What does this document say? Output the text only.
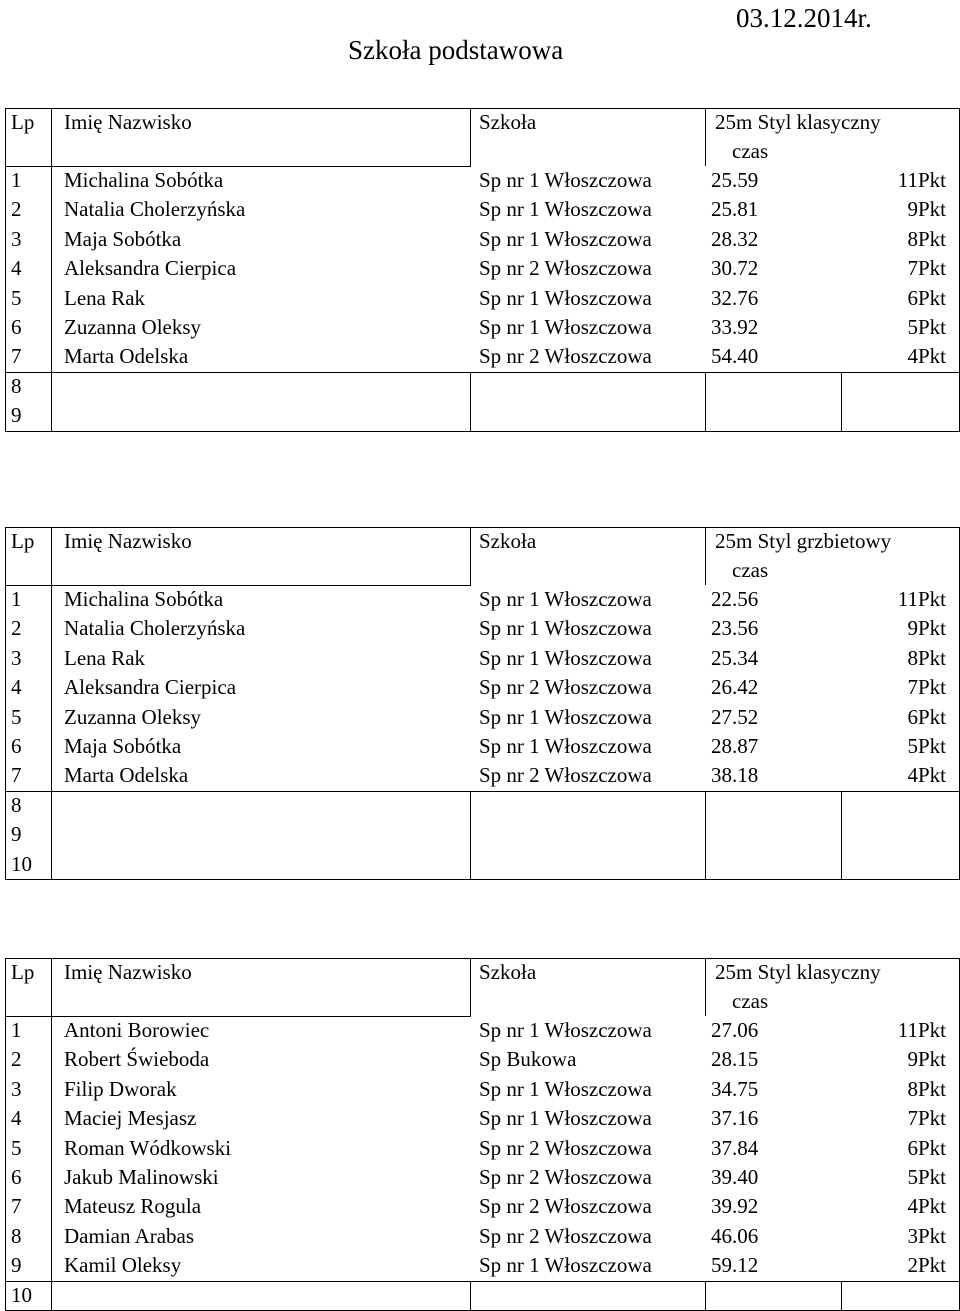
03.12.2014r.
Szkoła podstawowa
Lp Imię Nazwisko	Szkoła	25m Styl klasyczny
czas
1 Michalina Sobótka	Sp nr 1 Włoszczowa	25.59	11Pkt
2 Natalia Cholerzyńska	Sp nr 1 Włoszczowa	25.81	9Pkt
3 Maja Sobótka	Sp nr 1 Włoszczowa	28.32	8Pkt
4 Aleksandra Cierpica	Sp nr 2 Włoszczowa	30.72	7Pkt
5 Lena Rak	Sp nr 1 Włoszczowa	32.76	6Pkt
6 Zuzanna Oleksy	Sp nr 1 Włoszczowa	33.92	5Pkt
7 Marta Odelska	Sp nr 2 Włoszczowa	54.40	4Pkt
8
9
Lp Imię Nazwisko	Szkoła	25m Styl grzbietowy
czas
1 Michalina Sobótka	Sp nr 1 Włoszczowa	22.56	11Pkt
2 Natalia Cholerzyńska	Sp nr 1 Włoszczowa	23.56	9Pkt
3 Lena Rak	Sp nr 1 Włoszczowa	25.34	8Pkt
4 Aleksandra Cierpica	Sp nr 2 Włoszczowa	26.42	7Pkt
5 Zuzanna Oleksy	Sp nr 1 Włoszczowa	27.52	6Pkt
6 Maja Sobótka	Sp nr 1 Włoszczowa	28.87	5Pkt
7 Marta Odelska	Sp nr 2 Włoszczowa	38.18	4Pkt
8
9
10
Lp Imię Nazwisko	Szkoła	25m Styl klasyczny
czas
1 Antoni Borowiec	Sp nr 1 Włoszczowa	27.06	11Pkt
2 Robert Świeboda	Sp Bukowa	28.15	9Pkt
3 Filip Dworak	Sp nr 1 Włoszczowa	34.75	8Pkt
4 Maciej Mesjasz	Sp nr 1 Włoszczowa	37.16	7Pkt
5 Roman Wódkowski	Sp nr 2 Włoszczowa	37.84	6Pkt
6 Jakub Malinowski	Sp nr 2 Włoszczowa	39.40	5Pkt
7 Mateusz Rogula	Sp nr 2 Włoszczowa	39.92	4Pkt
8 Damian Arabas	Sp nr 2 Włoszczowa	46.06	3Pkt
9 Kamil Oleksy	Sp nr 1 Włoszczowa	59.12	2Pkt
10
